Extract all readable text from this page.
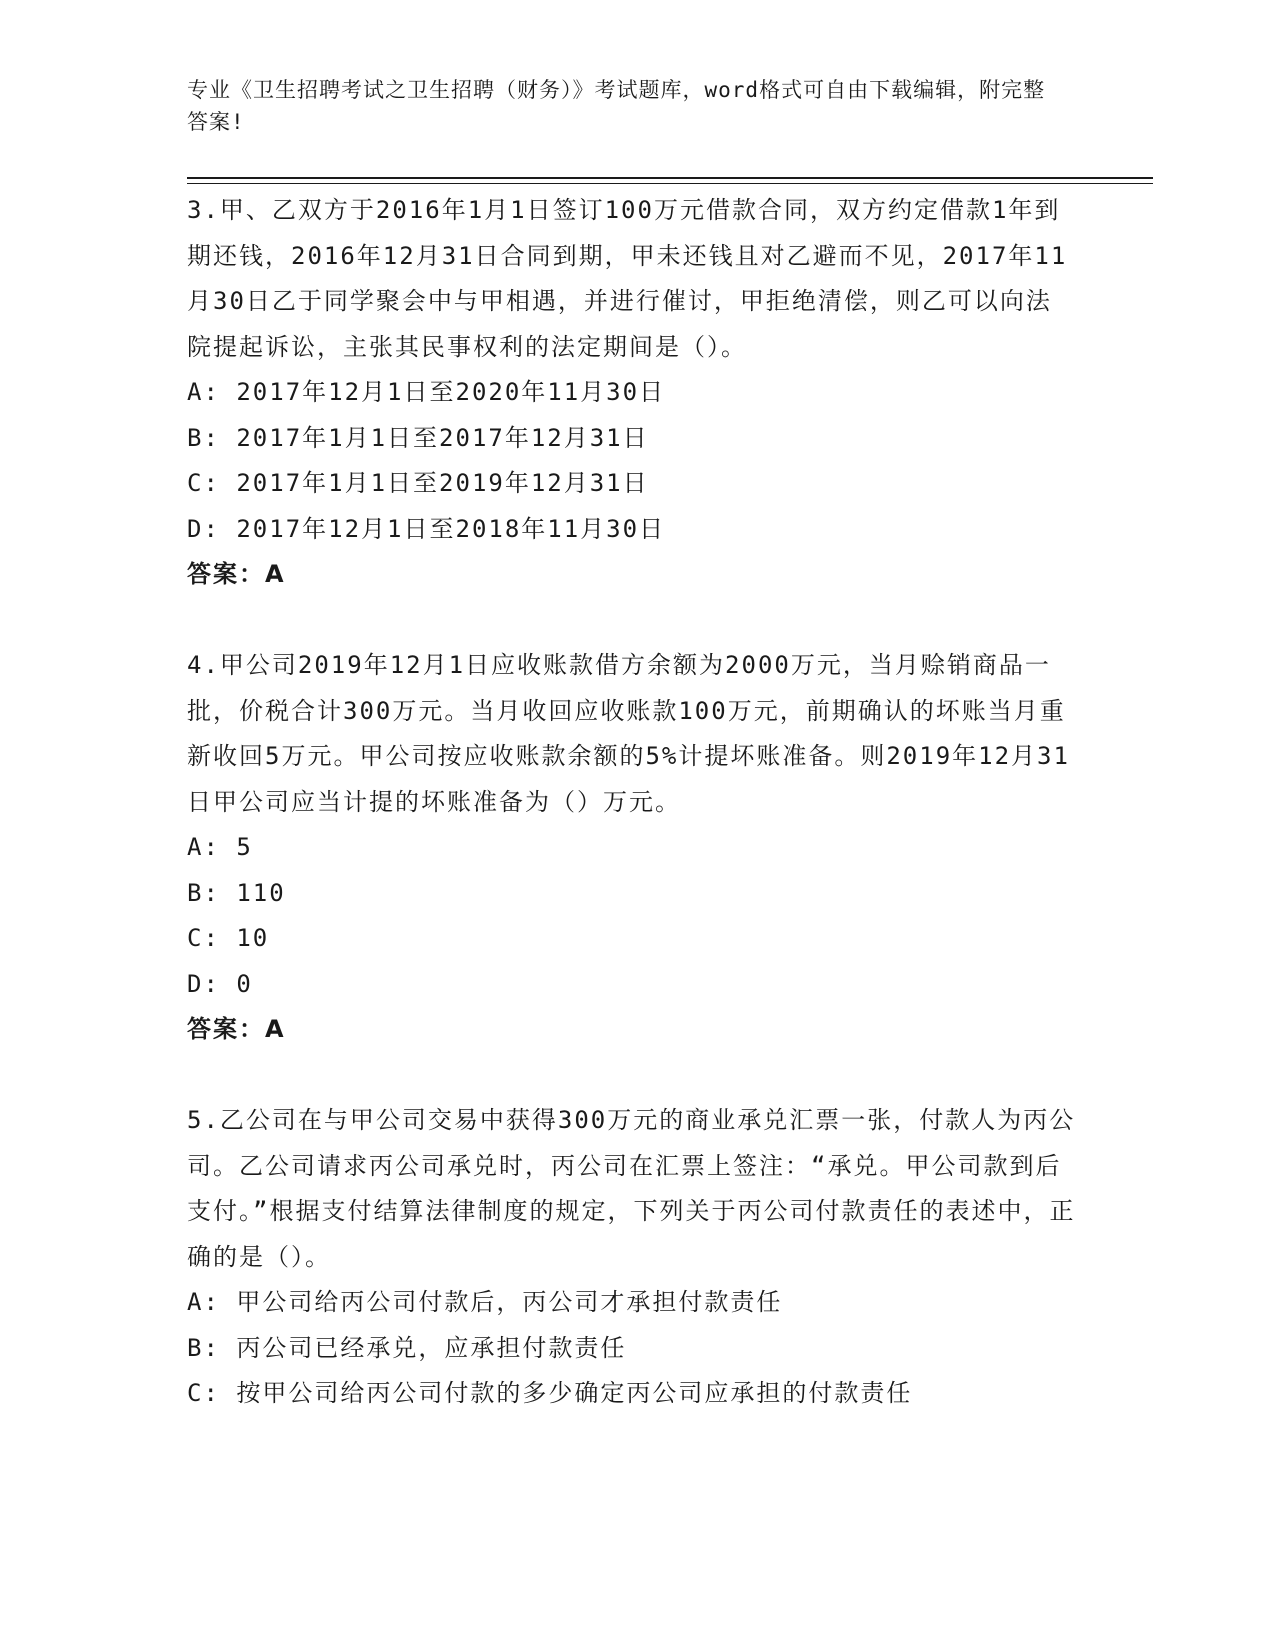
专业《卫生招聘考试之卫生招聘（财务）》考试题库，word格式可自由下载编辑，附完整答案!

3.甲、乙双方于2016年1月1日签订100万元借款合同，双方约定借款1年到期还钱，2016年12月31日合同到期，甲未还钱且对乙避而不见，2017年11月30日乙于同学聚会中与甲相遇，并进行催讨，甲拒绝清偿，则乙可以向法院提起诉讼，主张其民事权利的法定期间是（）。

A: 2017年12月1日至2020年11月30日

B: 2017年1月1日至2017年12月31日

C: 2017年1月1日至2019年12月31日

D: 2017年12月1日至2018年11月30日

答案：A

4.甲公司2019年12月1日应收账款借方余额为2000万元，当月赊销商品一批，价税合计300万元。当月收回应收账款100万元，前期确认的坏账当月重新收回5万元。甲公司按应收账款余额的5%计提坏账准备。则2019年12月31日甲公司应当计提的坏账准备为（）万元。

A: 5

B: 110

C: 10

D: 0

答案：A

5.乙公司在与甲公司交易中获得300万元的商业承兑汇票一张，付款人为丙公司。乙公司请求丙公司承兑时，丙公司在汇票上签注：“承兑。甲公司款到后支付。”根据支付结算法律制度的规定，下列关于丙公司付款责任的表述中，正确的是（）。

A: 甲公司给丙公司付款后，丙公司才承担付款责任

B: 丙公司已经承兑，应承担付款责任

C: 按甲公司给丙公司付款的多少确定丙公司应承担的付款责任
